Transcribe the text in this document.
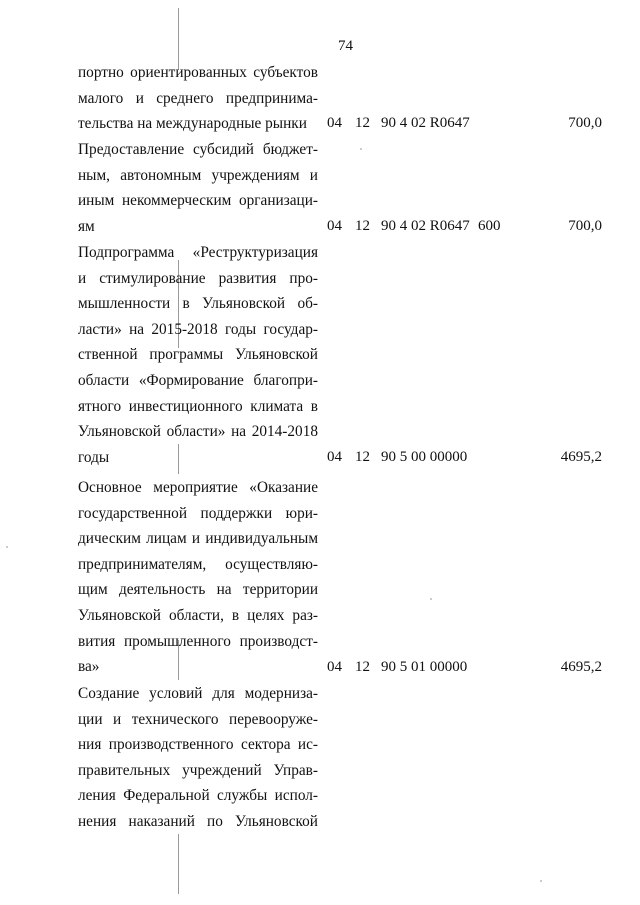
74
портно ориентированных субъектов
малого и среднего предпринима-
тельства на международные рынки	04 12 90 4 02 R0647	700,0
Предоставление субсидий бюджет-
ным, автономным учреждениям и
иным некоммерческим организаци-
ям	04 12 90 4 02 R0647 600	700,0
Подпрограмма «Реструктуризация
и стимулирование развития про-
мышленности в Ульяновской об-
ласти» на 2015-2018 годы государ-
ственной программы Ульяновской
области «Формирование благопри-
ятного инвестиционного климата в
Ульяновской области» на 2014-2018
годы	04 12 90 5 00 00000	4695,2
Основное мероприятие «Оказание
государственной поддержки юри-
дическим лицам и индивидуальным
предпринимателям, осуществляю-
щим деятельность на территории
Ульяновской области, в целях раз-
вития промышленного производст-
ва»	04 12 90 5 01 00000	4695,2
Создание условий для модерниза-
ции и технического перевооруже-
ния производственного сектора ис-
правительных учреждений Управ-
ления Федеральной службы испол-
нения наказаний по Ульяновской
